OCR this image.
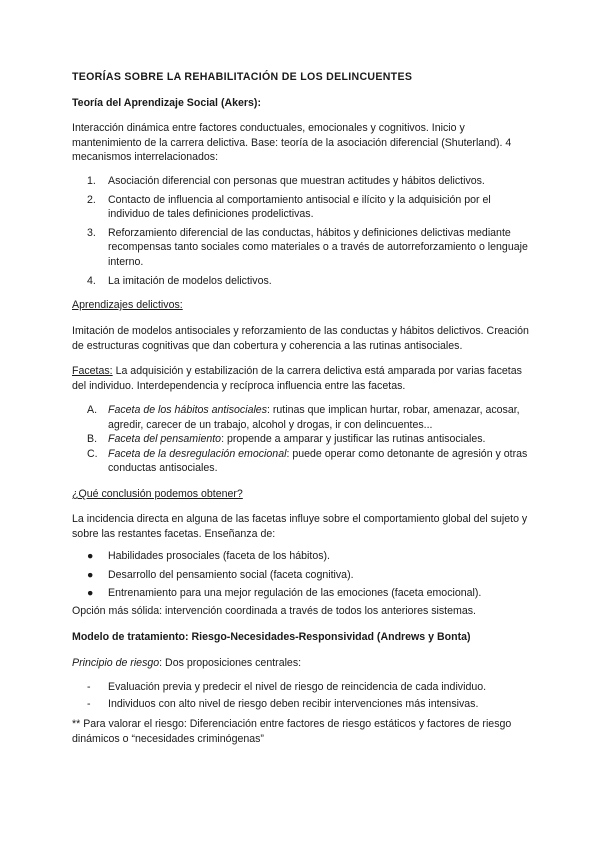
TEORÍAS SOBRE LA REHABILITACIÓN DE LOS DELINCUENTES
Teoría del Aprendizaje Social (Akers):
Interacción dinámica entre factores conductuales, emocionales y cognitivos. Inicio y mantenimiento de la carrera delictiva. Base: teoría de la asociación diferencial (Shuterland). 4 mecanismos interrelacionados:
1. Asociación diferencial con personas que muestran actitudes y hábitos delictivos.
2. Contacto de influencia al comportamiento antisocial e ilícito y la adquisición por el individuo de tales definiciones prodelictivas.
3. Reforzamiento diferencial de las conductas, hábitos y definiciones delictivas mediante recompensas tanto sociales como materiales o a través de autorreforzamiento o lenguaje interno.
4. La imitación de modelos delictivos.
Aprendizajes delictivos:
Imitación de modelos antisociales y reforzamiento de las conductas y hábitos delictivos. Creación de estructuras cognitivas que dan cobertura y coherencia a las rutinas antisociales.
Facetas: La adquisición y estabilización de la carrera delictiva está amparada por varias facetas del individuo. Interdependencia y recíproca influencia entre las facetas.
A. Faceta de los hábitos antisociales: rutinas que implican hurtar, robar, amenazar, acosar, agredir, carecer de un trabajo, alcohol y drogas, ir con delincuentes...
B. Faceta del pensamiento: propende a amparar y justificar las rutinas antisociales.
C. Faceta de la desregulación emocional: puede operar como detonante de agresión y otras conductas antisociales.
¿Qué conclusión podemos obtener?
La incidencia directa en alguna de las facetas influye sobre el comportamiento global del sujeto y sobre las restantes facetas. Enseñanza de:
● Habilidades prosociales (faceta de los hábitos).
● Desarrollo del pensamiento social (faceta cognitiva).
● Entrenamiento para una mejor regulación de las emociones (faceta emocional).
Opción más sólida: intervención coordinada a través de todos los anteriores sistemas.
Modelo de tratamiento: Riesgo-Necesidades-Responsividad (Andrews y Bonta)
Principio de riesgo: Dos proposiciones centrales:
- Evaluación previa y predecir el nivel de riesgo de reincidencia de cada individuo.
- Individuos con alto nivel de riesgo deben recibir intervenciones más intensivas.
** Para valorar el riesgo: Diferenciación entre factores de riesgo estáticos y factores de riesgo dinámicos o “necesidades criminógenas”
